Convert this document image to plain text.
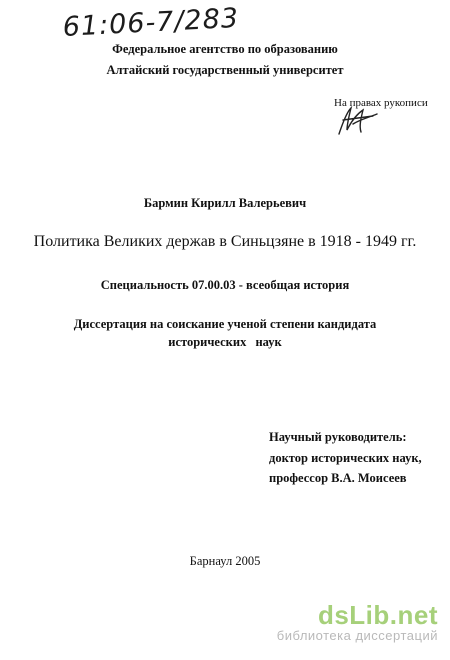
61:06-7/283
Федеральное агентство по образованию
Алтайский государственный университет
На правах рукописи
Бармин Кирилл Валерьевич
Политика Великих держав в Синьцзяне в 1918 - 1949 гг.
Специальность 07.00.03 - всеобщая история
Диссертация на соискание ученой степени кандидата
исторических наук
Научный руководитель:
доктор исторических наук,
профессор В.А. Моисеев
Барнаул 2005
dsLib.net
библиотека диссертаций
